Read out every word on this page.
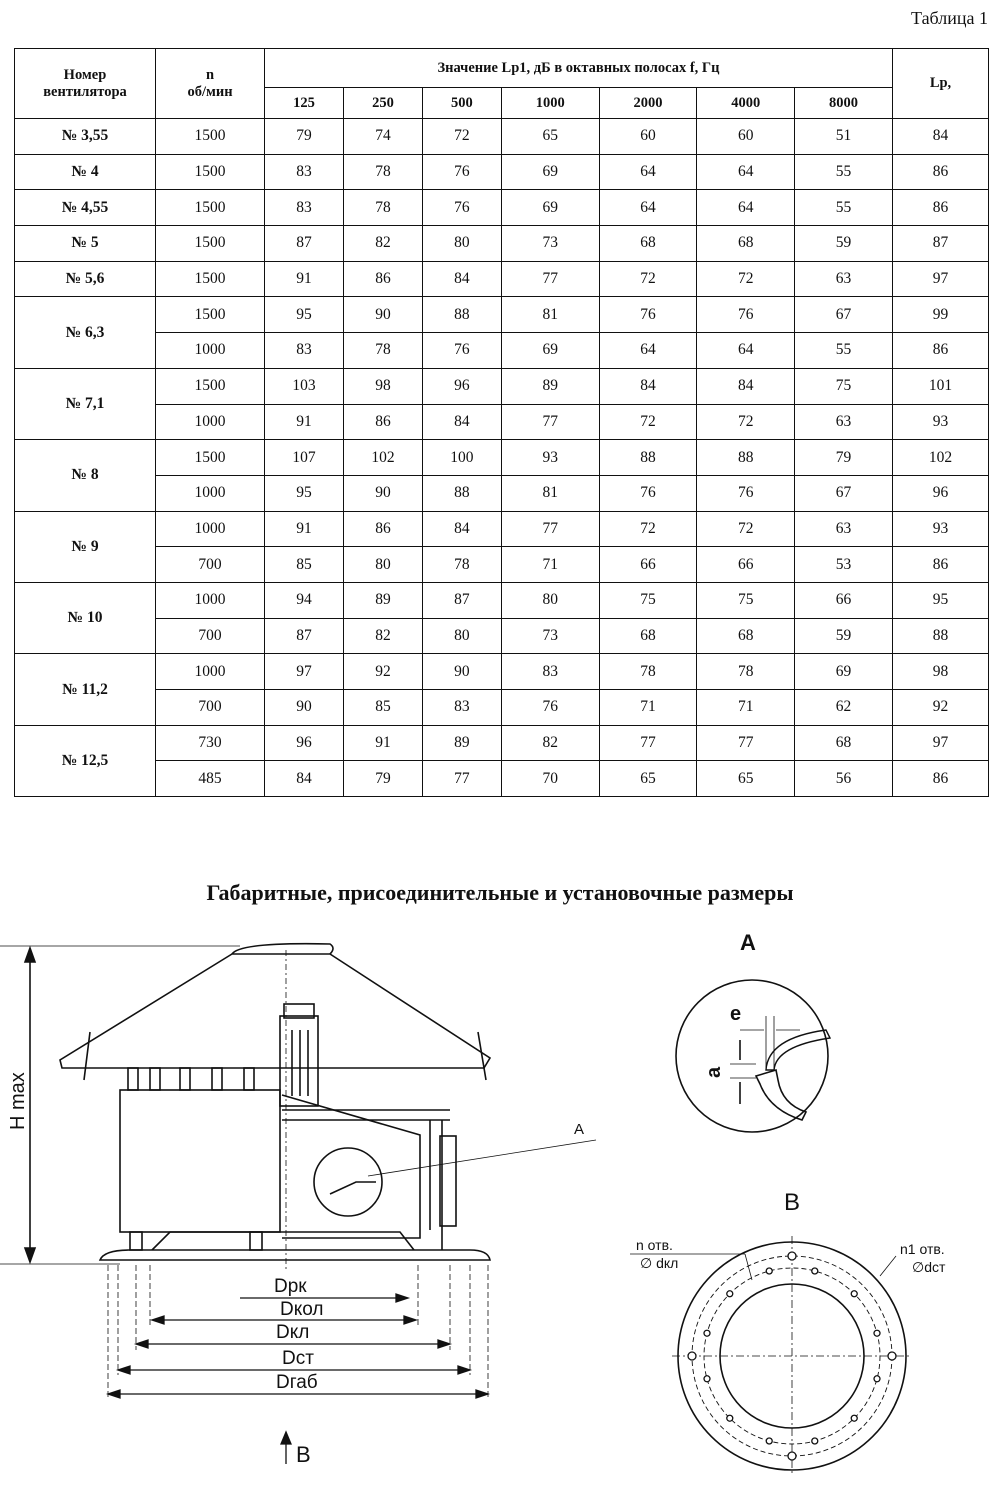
Таблица 1
Номер
вентилятора	n
об/мин	Значение Lp1, дБ в октавных полосах f, Гц							Lp,
		125	250	500	1000	2000	4000	8000	
№ 3,55	1500	79	74	72	65	60	60	51	84
№ 4	1500	83	78	76	69	64	64	55	86
№ 4,55	1500	83	78	76	69	64	64	55	86
№ 5	1500	87	82	80	73	68	68	59	87
№ 5,6	1500	91	86	84	77	72	72	63	97
№ 6,3	1500	95	90	88	81	76	76	67	99
	1000	83	78	76	69	64	64	55	86
№ 7,1	1500	103	98	96	89	84	84	75	101
	1000	91	86	84	77	72	72	63	93
№ 8	1500	107	102	100	93	88	88	79	102
	1000	95	90	88	81	76	76	67	96
№ 9	1000	91	86	84	77	72	72	63	93
	700	85	80	78	71	66	66	53	86
№ 10	1000	94	89	87	80	75	75	66	95
	700	87	82	80	73	68	68	59	88
№ 11,2	1000	97	92	90	83	78	78	69	98
	700	90	85	83	76	71	71	62	92
№ 12,5	730	96	91	89	82	77	77	68	97
	485	84	79	77	70	65	65	56	86
Габаритные, присоединительные и установочные размеры
A
H max
Dрк
Dкол
Dкл
Dст
Dгаб
B
A
e
a
B
n отв.
∅ dкл
n1 отв.
∅dст
